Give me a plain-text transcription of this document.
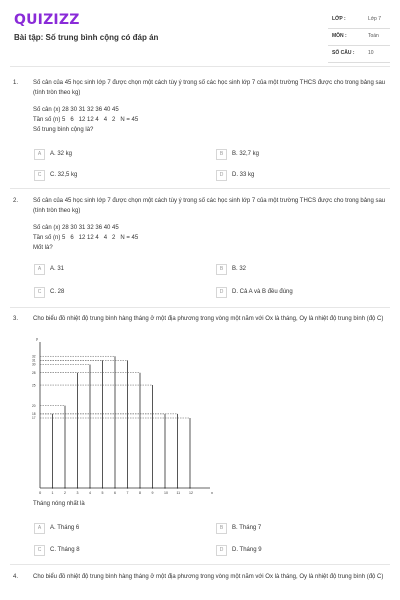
QUIZIZZ
Bài tập: Số trung bình cộng có đáp án
LỚP :	Lớp 7
MÔN :	Toán
SỐ CÂU :	10
1. Số cân của 45 học sinh lớp 7 được chọn một cách tùy ý trong số các học sinh lớp 7 của một trường THCS được cho trong bảng sau (tính tròn theo kg)
Số cân (x) 28 30 31 32 36 40 45
Tần số (n) 5   6   12 12 4   4   2   N = 45
Số trung bình cộng là?
A	A. 32 kg	B	B. 32,7 kg
C	C. 32,5 kg	D	D. 33 kg
2. Số cân của 45 học sinh lớp 7 được chọn một cách tùy ý trong số các học sinh lớp 7 của một trường THCS được cho trong bảng sau (tính tròn theo kg)
Số cân (x) 28 30 31 32 36 40 45
Tần số (n) 5   6   12 12 4   4   2   N = 45
Mốt là?
A	A. 31	B	B. 32
C	C. 28	D	D. Cả A và B đều đúng
3. Cho biểu đồ nhiệt độ trung bình hàng tháng ở một địa phương trong vòng một năm với Ox là tháng, Oy là nhiệt độ trung bình (độ C)
y
x
0	1	2	3	4	5	6	7	8	9	10 11	12
17
18
20
25
28
30
31
32
Tháng nóng nhất là
A	A. Tháng 6	B	B. Tháng 7
C	C. Tháng 8	D	D. Tháng 9
4. Cho biểu đồ nhiệt độ trung bình hàng tháng ở một địa phương trong vòng một năm với Ox là tháng, Oy là nhiệt độ trung bình (độ C)
